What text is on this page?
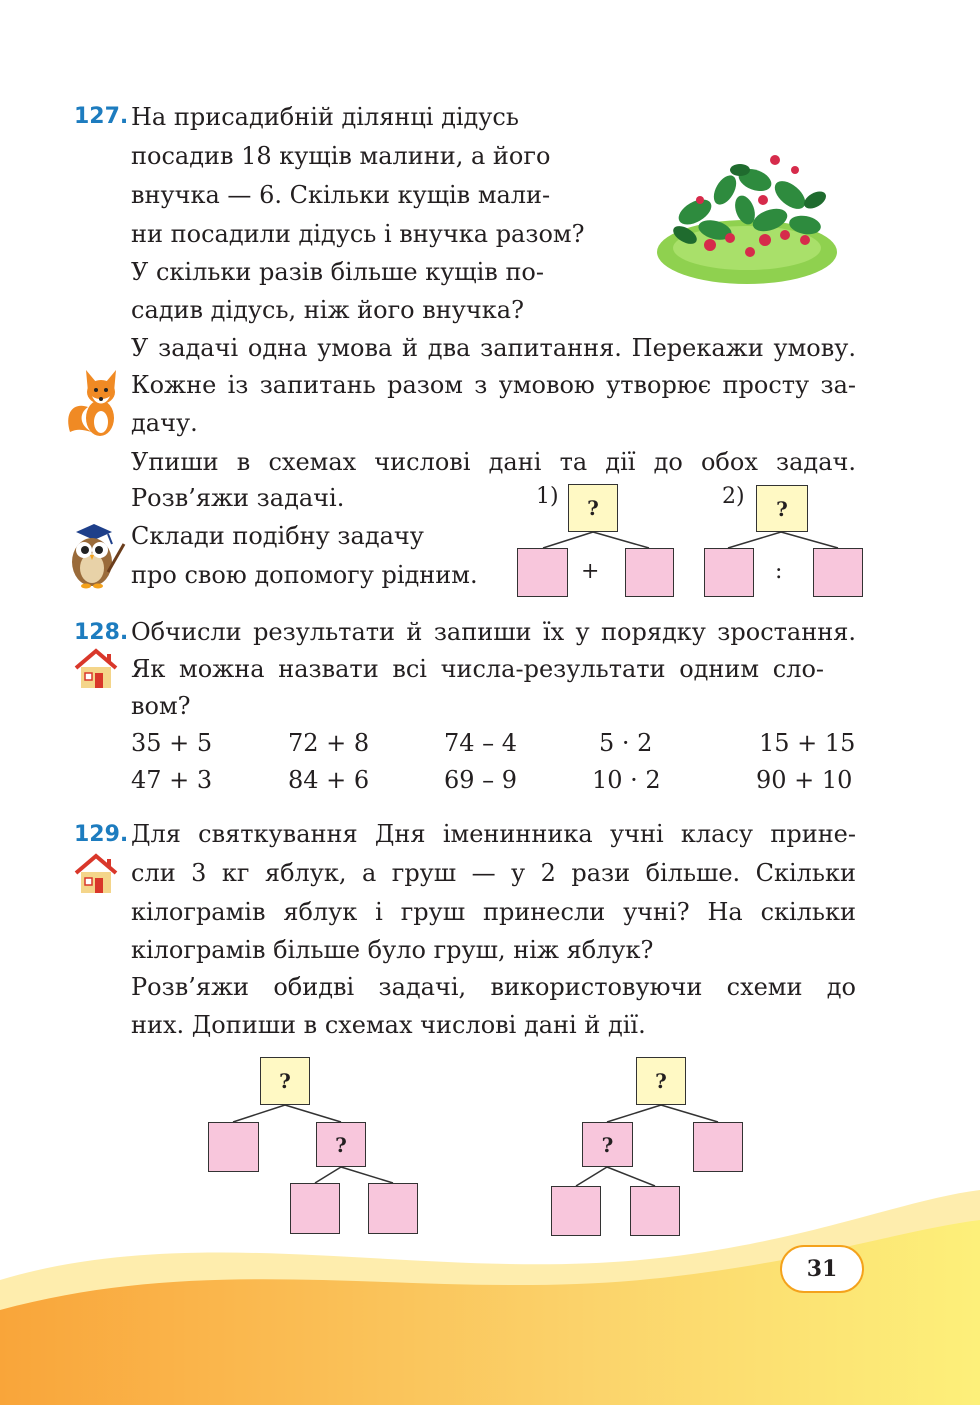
127. На присадибній ділянці дідусь
посадив 18 кущів малини, а його
внучка — 6. Скільки кущів мали-
ни посадили дідусь і внучка разом?
У скільки разів більше кущів по-
садив дідусь, ніж його внучка?
У задачі одна умова й два запитання. Перекажи умову.
Кожне із запитань разом з умовою утворює просту за-
дачу.
Упиши в схемах числові дані та дії до обох задач.
Розв’яжи задачі.
Склади подібну задачу
про свою допомогу рідним.
1)	?
+
2)	?
:
128. Обчисли результати й запиши їх у порядку зростання.
Як можна назвати всі числа-результати одним сло-
вом?
35 + 5	72 + 8	74 – 4	5 · 2	15 + 15
47 + 3	84 + 6	69 – 9	10 · 2	90 + 10
129. Для святкування Дня іменинника учні класу прине-
сли 3 кг яблук, а груш — у 2 рази більше. Скільки
кілограмів яблук і груш принесли учні? На скільки
кілограмів більше було груш, ніж яблук?
Розв’яжи обидві задачі, використовуючи схеми до
них. Допиши в схемах числові дані й дії.
?
?
?
?
31
